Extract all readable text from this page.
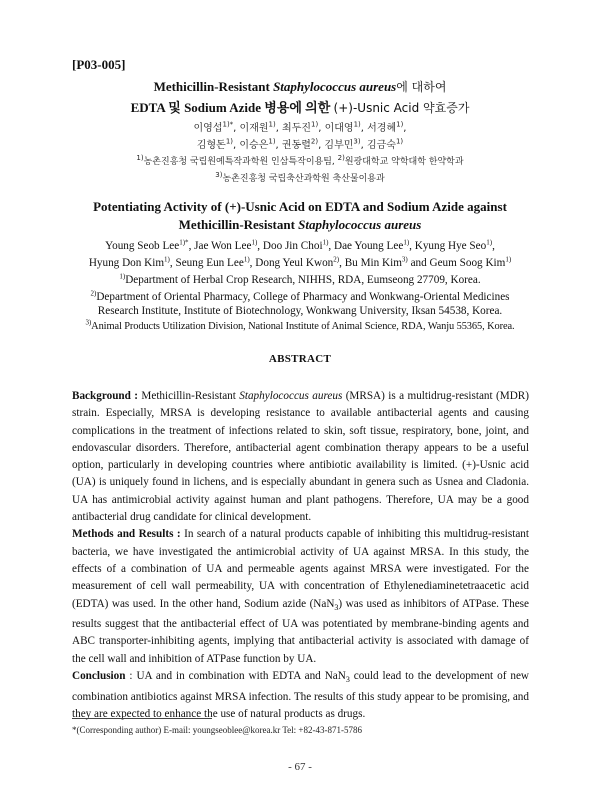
[P03-005]
Methicillin-Resistant Staphylococcus aureus에 대하여
EDTA 및 Sodium Azide 병용에 의한 (+)-Usnic Acid 약효증가
이영섭$^{1)*}$, 이재원$^{1)}$, 최두진$^{1)}$, 이대영$^{1)}$, 서경혜$^{1)}$,
김형돈$^{1)}$, 이승은$^{1)}$, 권동렬$^{2)}$, 김부민$^{3)}$, 김금숙$^{1)}$
$^{1)}$농촌진흥청 국립원예특작과학원 인삼특작이용팀, $^{2)}$원광대학교 약학대학 한약학과
$^{3)}$농촌진흥청 국립축산과학원 축산물이용과
Potentiating Activity of (+)-Usnic Acid on EDTA and Sodium Azide against
Methicillin-Resistant Staphylococcus aureus
Young Seob Lee$^{1)*}$, Jae Won Lee$^{1)}$, Doo Jin Choi$^{1)}$, Dae Young Lee$^{1)}$, Kyung Hye Seo$^{1)}$,
Hyung Don Kim$^{1)}$, Seung Eun Lee$^{1)}$, Dong Yeul Kwon$^{2)}$, Bu Min Kim$^{3)}$ and Geum Soog Kim$^{1)}$
$^{1)}$Department of Herbal Crop Research, NIHHS, RDA, Eumseong 27709, Korea.
$^{2)}$Department of Oriental Pharmacy, College of Pharmacy and Wonkwang-Oriental Medicines
Research Institute, Institute of Biotechnology, Wonkwang University, Iksan 54538, Korea.
$^{3)}$Animal Products Utilization Division, National Institute of Animal Science, RDA, Wanju 55365, Korea.
ABSTRACT

Background : Methicillin-Resistant Staphylococcus aureus (MRSA) is a multidrug-resistant (MDR) strain. Especially, MRSA is developing resistance to available antibacterial agents and causing complications in the treatment of infections related to skin, soft tissue, respiratory, bone, joint, and endovascular disorders. Therefore, antibacterial agent combination therapy appears to be a useful option, particularly in developing countries where antibiotic availability is limited. (+)-Usnic acid (UA) is uniquely found in lichens, and is especially abundant in genera such as Usnea and Cladonia. UA has antimicrobial activity against human and plant pathogens. Therefore, UA may be a good antibacterial drug candidate for clinical development.

Methods and Results : In search of a natural products capable of inhibiting this multidrug-resistant bacteria, we have investigated the antimicrobial activity of UA against MRSA. In this study, the effects of a combination of UA and permeable agents against MRSA were investigated. For the measurement of cell wall permeability, UA with concentration of Ethylenediaminetetraacetic acid (EDTA) was used. In the other hand, Sodium azide (NaN$_3$) was used as inhibitors of ATPase. These results suggest that the antibacterial effect of UA was potentiated by membrane-binding agents and ABC transporter-inhibiting agents, implying that antibacterial activity is associated with damage of the cell wall and inhibition of ATPase function by UA.

Conclusion : UA and in combination with EDTA and NaN$_3$ could lead to the development of new combination antibiotics against MRSA infection. The results of this study appear to be promising, and they are expected to enhance the use of natural products as drugs.

*(Corresponding author) E-mail: youngseoblee@korea.kr Tel: +82-43-871-5786
- 67 -
